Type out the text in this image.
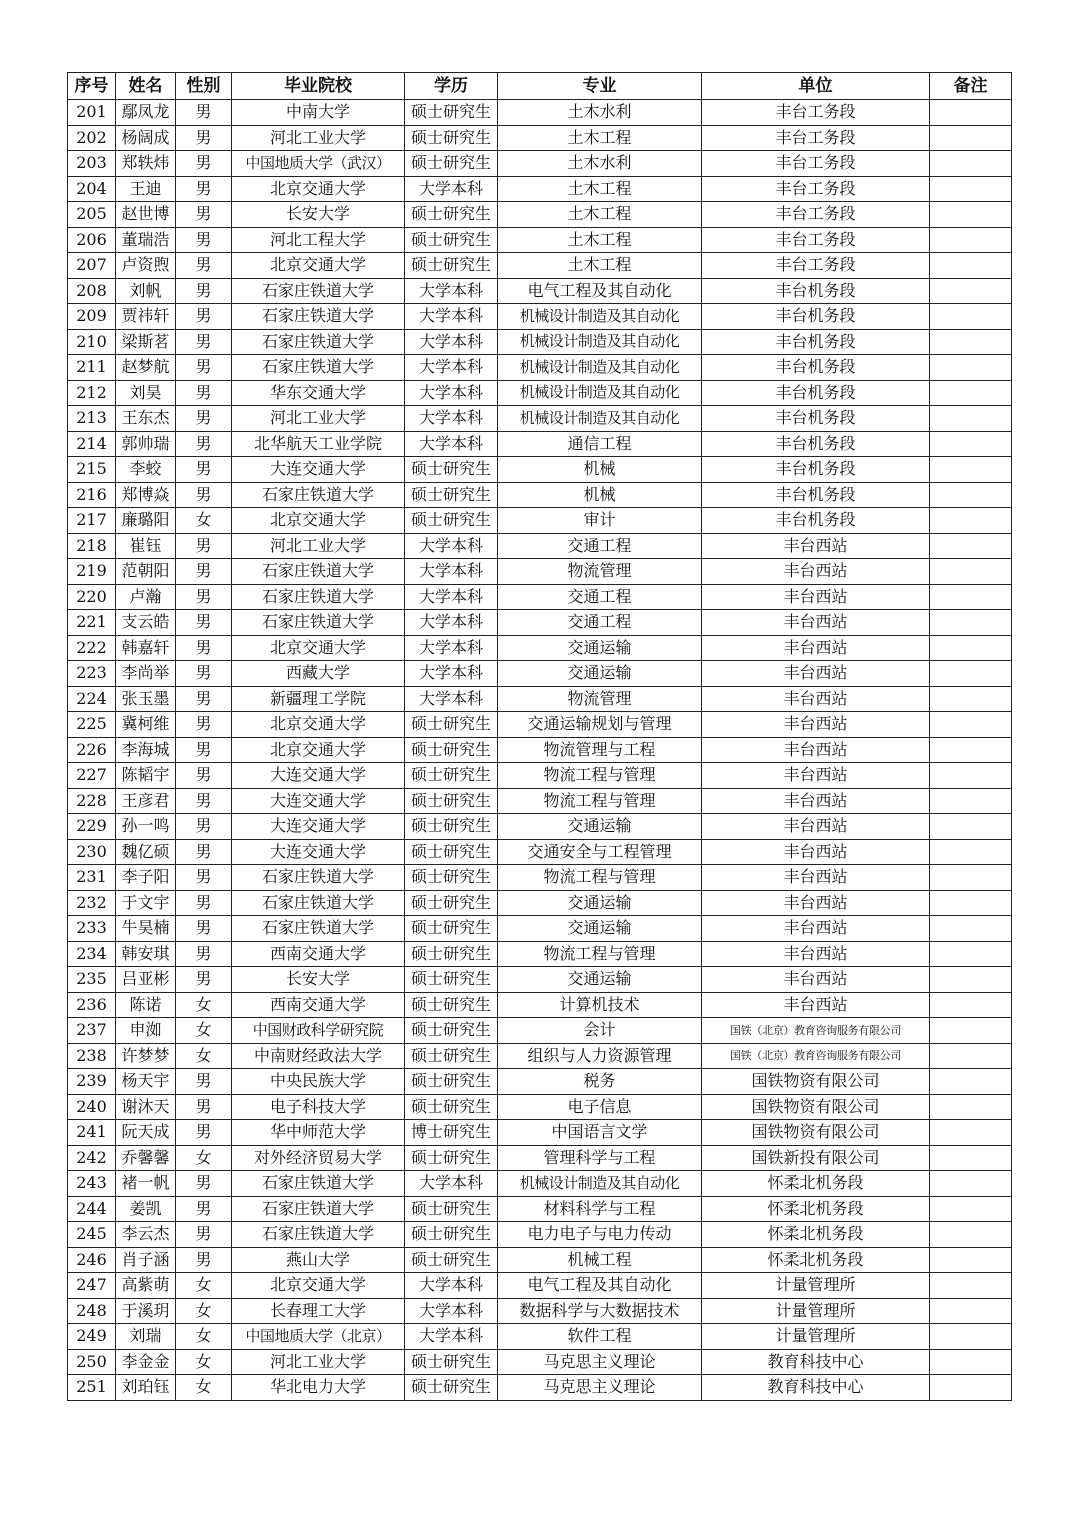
序号	姓名	性别	毕业院校	学历	专业	单位	备注
201	鄢凤龙	男	中南大学	硕士研究生	土木水利	丰台工务段	
202	杨阔成	男	河北工业大学	硕士研究生	土木工程	丰台工务段	
203	郑轶炜	男	中国地质大学（武汉）	硕士研究生	土木水利	丰台工务段	
204	王迪	男	北京交通大学	大学本科	土木工程	丰台工务段	
205	赵世博	男	长安大学	硕士研究生	土木工程	丰台工务段	
206	董瑞浩	男	河北工程大学	硕士研究生	土木工程	丰台工务段	
207	卢资煦	男	北京交通大学	硕士研究生	土木工程	丰台工务段	
208	刘帆	男	石家庄铁道大学	大学本科	电气工程及其自动化	丰台机务段	
209	贾祎轩	男	石家庄铁道大学	大学本科	机械设计制造及其自动化	丰台机务段	
210	梁斯茗	男	石家庄铁道大学	大学本科	机械设计制造及其自动化	丰台机务段	
211	赵梦航	男	石家庄铁道大学	大学本科	机械设计制造及其自动化	丰台机务段	
212	刘昊	男	华东交通大学	大学本科	机械设计制造及其自动化	丰台机务段	
213	王东杰	男	河北工业大学	大学本科	机械设计制造及其自动化	丰台机务段	
214	郭帅瑞	男	北华航天工业学院	大学本科	通信工程	丰台机务段	
215	李蛟	男	大连交通大学	硕士研究生	机械	丰台机务段	
216	郑博焱	男	石家庄铁道大学	硕士研究生	机械	丰台机务段	
217	廉璐阳	女	北京交通大学	硕士研究生	审计	丰台机务段	
218	崔钰	男	河北工业大学	大学本科	交通工程	丰台西站	
219	范朝阳	男	石家庄铁道大学	大学本科	物流管理	丰台西站	
220	卢瀚	男	石家庄铁道大学	大学本科	交通工程	丰台西站	
221	支云皓	男	石家庄铁道大学	大学本科	交通工程	丰台西站	
222	韩嘉轩	男	北京交通大学	大学本科	交通运输	丰台西站	
223	李尚举	男	西藏大学	大学本科	交通运输	丰台西站	
224	张玉墨	男	新疆理工学院	大学本科	物流管理	丰台西站	
225	冀柯维	男	北京交通大学	硕士研究生	交通运输规划与管理	丰台西站	
226	李海城	男	北京交通大学	硕士研究生	物流管理与工程	丰台西站	
227	陈韬宇	男	大连交通大学	硕士研究生	物流工程与管理	丰台西站	
228	王彦君	男	大连交通大学	硕士研究生	物流工程与管理	丰台西站	
229	孙一鸣	男	大连交通大学	硕士研究生	交通运输	丰台西站	
230	魏亿硕	男	大连交通大学	硕士研究生	交通安全与工程管理	丰台西站	
231	李子阳	男	石家庄铁道大学	硕士研究生	物流工程与管理	丰台西站	
232	于文宇	男	石家庄铁道大学	硕士研究生	交通运输	丰台西站	
233	牛昊楠	男	石家庄铁道大学	硕士研究生	交通运输	丰台西站	
234	韩安琪	男	西南交通大学	硕士研究生	物流工程与管理	丰台西站	
235	吕亚彬	男	长安大学	硕士研究生	交通运输	丰台西站	
236	陈诺	女	西南交通大学	硕士研究生	计算机技术	丰台西站	
237	申洳	女	中国财政科学研究院	硕士研究生	会计	国铁（北京）教育咨询服务有限公司	
238	许梦梦	女	中南财经政法大学	硕士研究生	组织与人力资源管理	国铁（北京）教育咨询服务有限公司	
239	杨天宇	男	中央民族大学	硕士研究生	税务	国铁物资有限公司	
240	谢沐天	男	电子科技大学	硕士研究生	电子信息	国铁物资有限公司	
241	阮天成	男	华中师范大学	博士研究生	中国语言文学	国铁物资有限公司	
242	乔馨馨	女	对外经济贸易大学	硕士研究生	管理科学与工程	国铁新投有限公司	
243	褚一帆	男	石家庄铁道大学	大学本科	机械设计制造及其自动化	怀柔北机务段	
244	姜凯	男	石家庄铁道大学	硕士研究生	材料科学与工程	怀柔北机务段	
245	李云杰	男	石家庄铁道大学	硕士研究生	电力电子与电力传动	怀柔北机务段	
246	肖子涵	男	燕山大学	硕士研究生	机械工程	怀柔北机务段	
247	高紫萌	女	北京交通大学	大学本科	电气工程及其自动化	计量管理所	
248	于溪玥	女	长春理工大学	大学本科	数据科学与大数据技术	计量管理所	
249	刘瑞	女	中国地质大学（北京）	大学本科	软件工程	计量管理所	
250	李金金	女	河北工业大学	硕士研究生	马克思主义理论	教育科技中心	
251	刘珀钰	女	华北电力大学	硕士研究生	马克思主义理论	教育科技中心	
